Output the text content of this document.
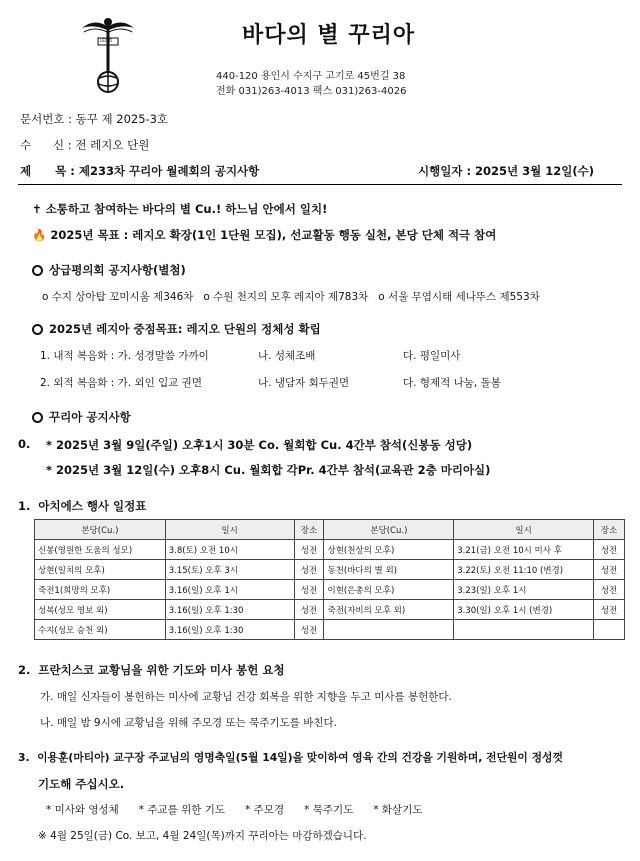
LEGIO	바다의 별 꾸리아
440-120 용인시 수지구 고기로 45번길 38
전화 031)263-4013 팩스 031)263-4026
문서번호 : 동꾸 제 2025-3호
수      신 : 전 레지오 단원
제      목 : 제233차 꾸리아 월례회의 공지사항	시행일자 : 2025년 3월 12일(수)
✝ 소통하고 참여하는 바다의 별 Cu.! 하느님 안에서 일치!
🔥 2025년 목표 : 레지오 확장(1인 1단원 모집), 선교활동 행동 실천, 본당 단체 적극 참여
상급평의회 공지사항(별첨)
o 수지 상아탑 꼬미시움 제346차   o 수원 천지의 모후 레지아 제783차   o 서울 무염시태 세나뚜스 제553차
2025년 레지아 중점목표: 레지오 단원의 정체성 확립
1. 내적 복음화 : 가. 성경말씀 가까이	나. 성체조배	다. 평일미사
2. 외적 복음화 : 가. 외인 입교 권면	나. 냉담자 회두권면	다. 형제적 나눔, 돌봄
꾸리아 공지사항
0. * 2025년 3월 9일(주일) 오후1시 30분 Co. 월회합 Cu. 4간부 참석(신봉동 성당)
* 2025년 3월 12일(수) 오후8시 Cu. 월회합 각Pr. 4간부 참석(교육관 2층 마리아실)
1.  아치에스 행사 일정표
본당(Cu.)	일시	장소	본당(Cu.)	일시	장소
신봉(영원한 도움의 성모)	3.8(토) 오전 10시	성전	상현(천상의 모후)	3.21(금) 오전 10시 미사 후	성전
상현(일치의 모후)	3.15(토) 오후 3시	성전	동천(바다의 별 외)	3.22(토) 오전 11:10 (변경)	성전
죽전1(희망의 모후)	3.16(일) 오후 1시	성전	이현(은총의 모후)	3.23(일) 오후 1시	성전
성복(성모 영보 외)	3.16(일) 오후 1:30	성전	죽전(자비의 모후 외)	3.30(일) 오후 1시 (변경)	성전
수지(성모 승천 외)	3.16(일) 오후 1:30	성전			
2.  프란치스코 교황님을 위한 기도와 미사 봉헌 요청
가. 매일 신자들이 봉헌하는 미사에 교황님 건강 회복을 위한 지향을 두고 미사를 봉헌한다.
나. 매일 밤 9시에 교황님을 위해 주모경 또는 묵주기도를 바친다.
3.  이용훈(마티아) 교구장 주교님의 영명축일(5월 14일)을 맞이하여 영육 간의 건강을 기원하며, 전단원이 정성껏
기도해 주십시오.
* 미사와 영성체      * 주교를 위한 기도      * 주모경      * 묵주기도      * 화살기도
※ 4월 25일(금) Co. 보고, 4월 24일(목)까지 꾸리아는 마감하겠습니다.
